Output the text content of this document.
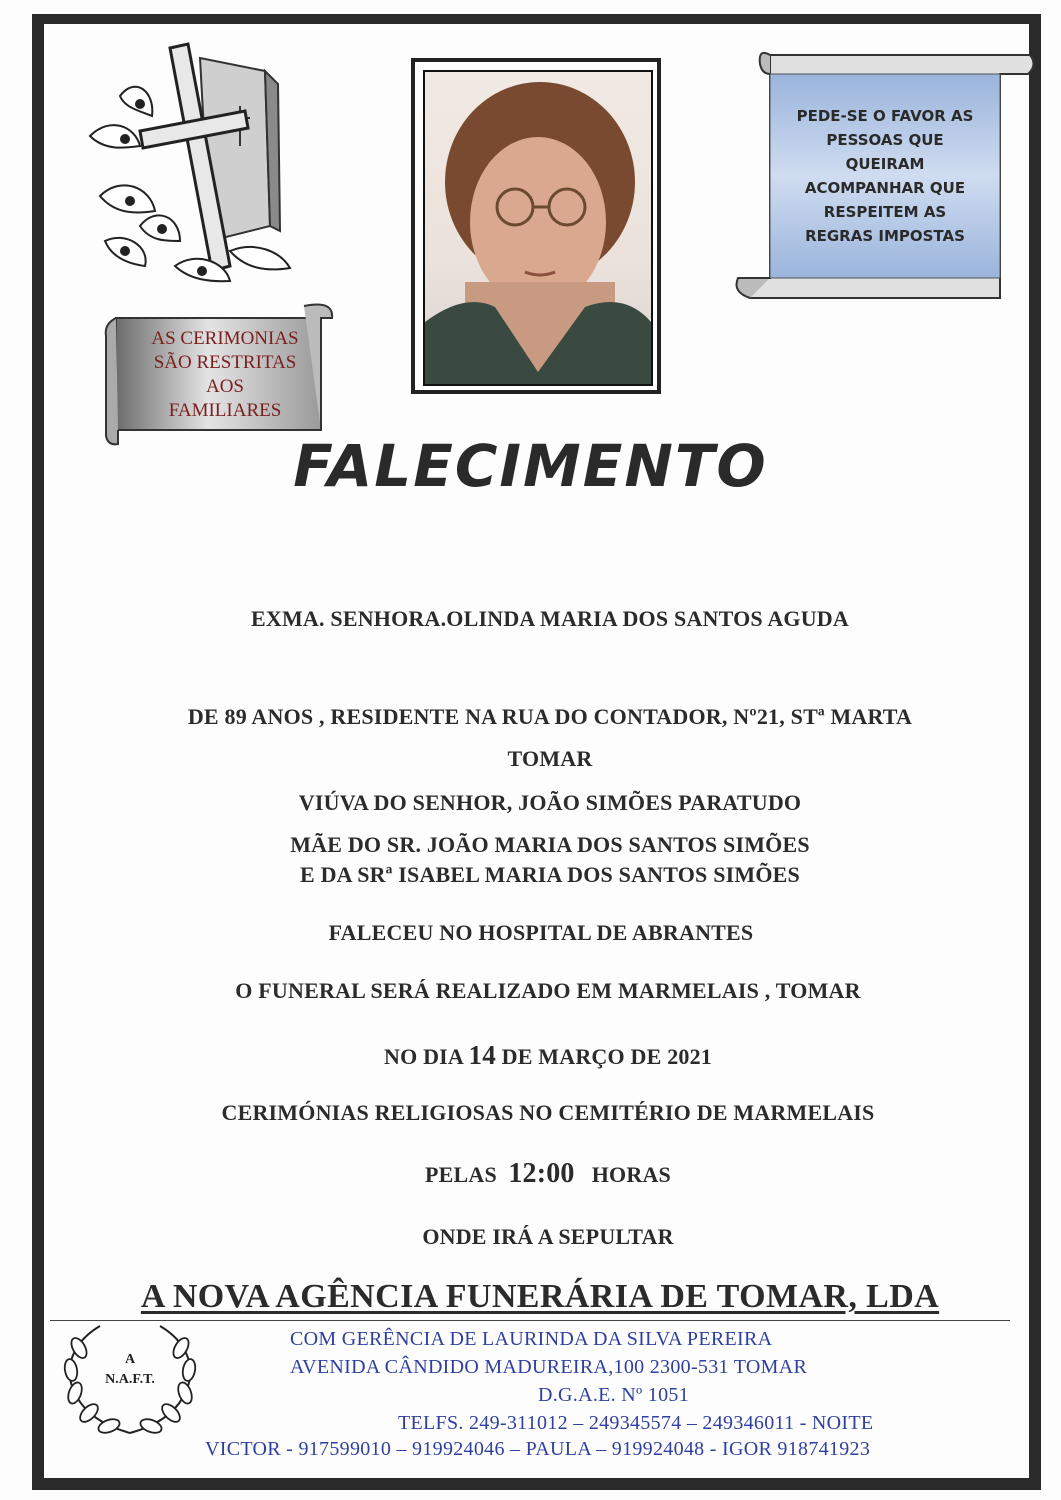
AS CERIMONIAS
SÃO RESTRITAS
AOS
FAMILIARES
PEDE-SE O FAVOR AS
PESSOAS QUE
QUEIRAM
ACOMPANHAR QUE
RESPEITEM AS
REGRAS IMPOSTAS
FALECIMENTO
EXMA. SENHORA.OLINDA MARIA DOS SANTOS AGUDA
DE 89 ANOS , RESIDENTE NA RUA DO CONTADOR, Nº21, STª MARTA
TOMAR
VIÚVA DO SENHOR, JOÃO SIMÕES PARATUDO
MÃE DO SR. JOÃO MARIA DOS SANTOS SIMÕES
E DA SRª ISABEL MARIA DOS SANTOS SIMÕES
FALECEU NO HOSPITAL DE ABRANTES
O FUNERAL SERÁ REALIZADO EM MARMELAIS , TOMAR
NO DIA 14 DE MARÇO DE 2021
CERIMÓNIAS RELIGIOSAS NO CEMITÉRIO DE MARMELAIS
PELAS 12:00 HORAS
ONDE IRÁ A SEPULTAR
A NOVA AGÊNCIA FUNERÁRIA DE TOMAR, LDA
A
N.A.F.T.
COM GERÊNCIA DE LAURINDA DA SILVA PEREIRA
AVENIDA CÂNDIDO MADUREIRA,100 2300-531 TOMAR
D.G.A.E. Nº 1051
TELFS. 249-311012 – 249345574 – 249346011 - NOITE
VICTOR - 917599010 – 919924046 – PAULA – 919924048 - IGOR 918741923
